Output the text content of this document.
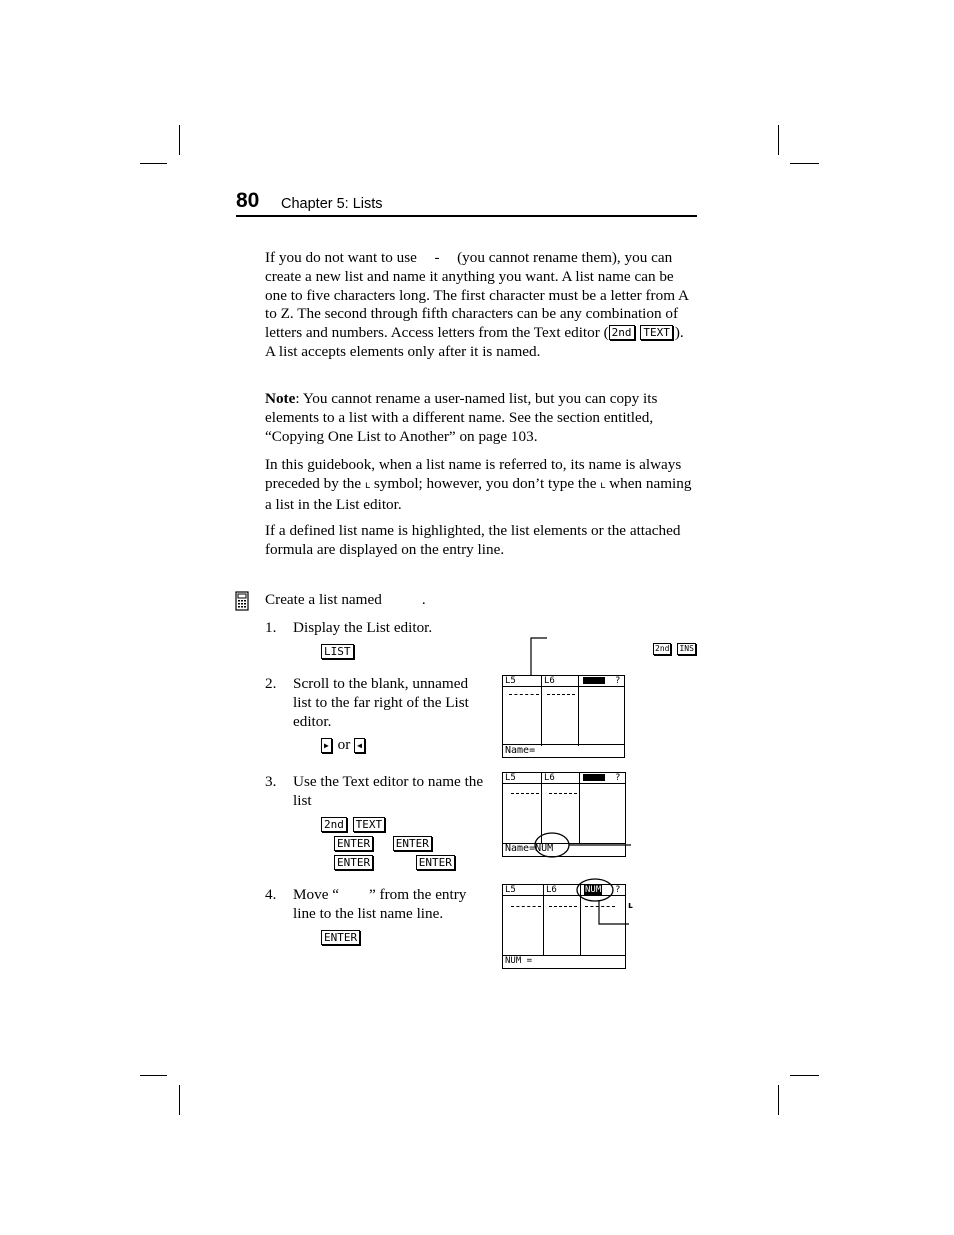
80 Chapter 5: Lists

If you do not want to use - (you cannot rename them), you can create a new list and name it anything you want. A list name can be one to five characters long. The first character must be a letter from A to Z. The second through fifth characters can be any combination of letters and numbers. Access letters from the Text editor ( 2nd TEXT ). A list accepts elements only after it is named.

Note: You cannot rename a user-named list, but you can copy its elements to a list with a different name. See the section entitled, “Copying One List to Another” on page 103.

In this guidebook, when a list name is referred to, its name is always preceded by the ʟ symbol; however, you don’t type the ʟ when naming a list in the List editor.

If a defined list name is highlighted, the list elements or the attached formula are displayed on the entry line.

Create a list named	.
1. Display the List editor.

LIST
2. Scroll to the blank, unnamed list to the far right of the List editor.

▶ or ◀
3. Use the Text editor to name the list

2nd TEXT
ENTER ENTER
ENTER	ENTER
4. Move “ ” from the entry line to the list name line.

ENTER
2nd INS
L5	L6	?
Name=
L5	L6	?
Name=NUM
L5	L6	NUM ?
NUM =
ʟ
